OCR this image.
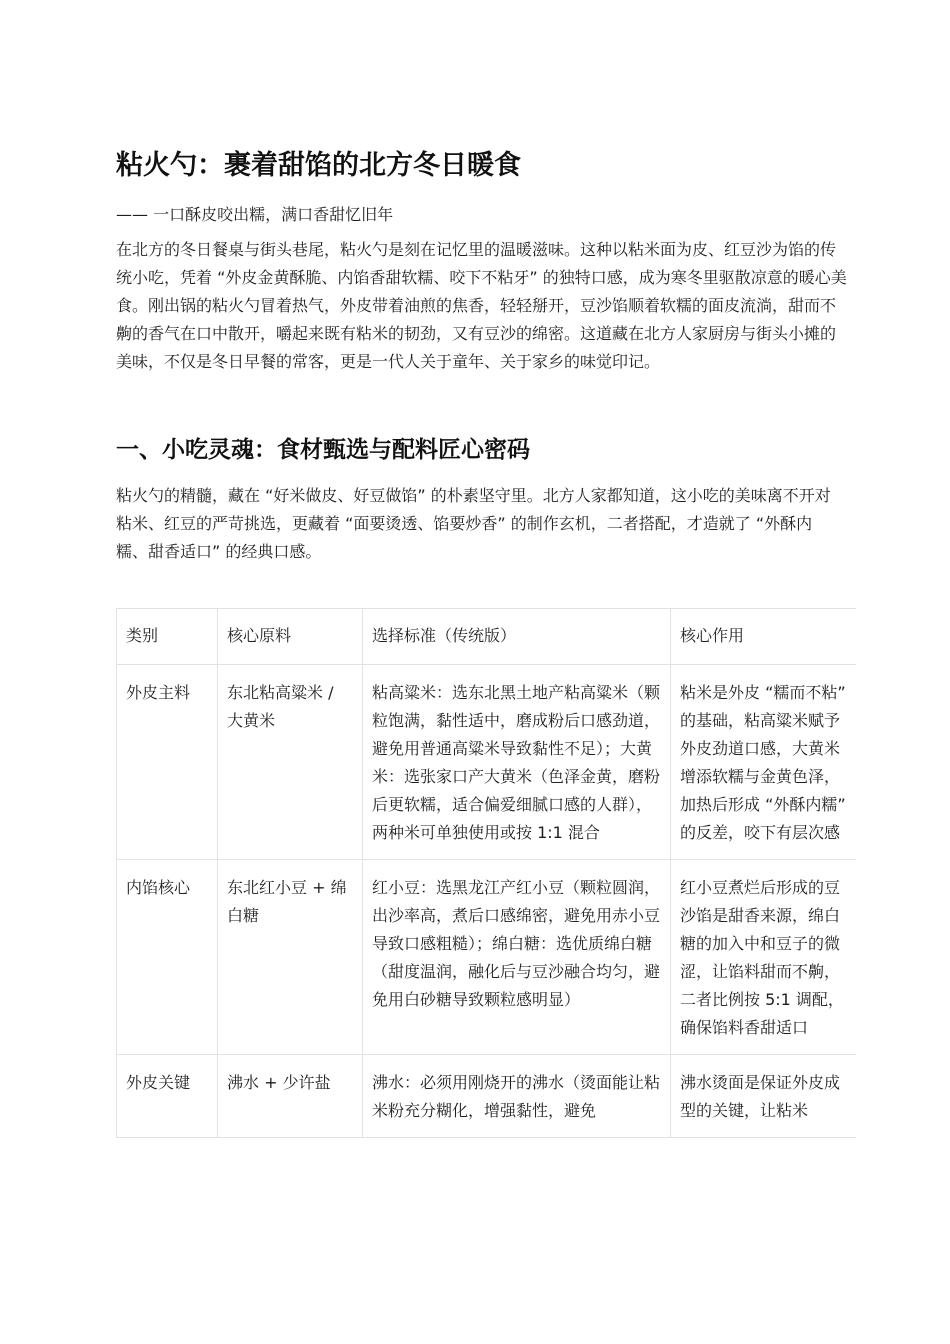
粘火勺：裹着甜馅的北方冬日暖食

—— 一口酥皮咬出糯，满口香甜忆旧年

在北方的冬日餐桌与街头巷尾，粘火勺是刻在记忆里的温暖滋味。这种以粘米面为皮、红豆沙为馅的传统小吃，凭着 “外皮金黄酥脆、内馅香甜软糯、咬下不粘牙” 的独特口感，成为寒冬里驱散凉意的暖心美食。刚出锅的粘火勺冒着热气，外皮带着油煎的焦香，轻轻掰开，豆沙馅顺着软糯的面皮流淌，甜而不齁的香气在口中散开，嚼起来既有粘米的韧劲，又有豆沙的绵密。这道藏在北方人家厨房与街头小摊的美味，不仅是冬日早餐的常客，更是一代人关于童年、关于家乡的味觉印记。

一、小吃灵魂：食材甄选与配料匠心密码

粘火勺的精髓，藏在 “好米做皮、好豆做馅” 的朴素坚守里。北方人家都知道，这小吃的美味离不开对粘米、红豆的严苛挑选，更藏着 “面要烫透、馅要炒香” 的制作玄机，二者搭配，才造就了 “外酥内糯、甜香适口” 的经典口感。

类别	核心原料	选择标准（传统版）	核心作用
外皮主料	东北粘高粱米 / 大黄米	粘高粱米：选东北黑土地产粘高粱米（颗粒饱满，黏性适中，磨成粉后口感劲道，避免用普通高粱米导致黏性不足）；大黄米：选张家口产大黄米（色泽金黄，磨粉后更软糯，适合偏爱细腻口感的人群），两种米可单独使用或按 1:1 混合	粘米是外皮 “糯而不粘” 的基础，粘高粱米赋予外皮劲道口感，大黄米增添软糯与金黄色泽，加热后形成 “外酥内糯” 的反差，咬下有层次感
内馅核心	东北红小豆 + 绵白糖	红小豆：选黑龙江产红小豆（颗粒圆润，出沙率高，煮后口感绵密，避免用赤小豆导致口感粗糙）；绵白糖：选优质绵白糖（甜度温润，融化后与豆沙融合均匀，避免用白砂糖导致颗粒感明显）	红小豆煮烂后形成的豆沙馅是甜香来源，绵白糖的加入中和豆子的微涩，让馅料甜而不齁，二者比例按 5:1 调配，确保馅料香甜适口
外皮关键	沸水 + 少许盐	沸水：必须用刚烧开的沸水（烫面能让粘米粉充分糊化，增强黏性，避免	沸水烫面是保证外皮成型的关键，让粘米
